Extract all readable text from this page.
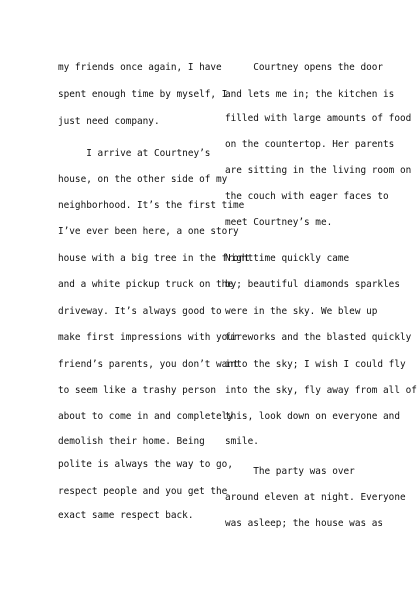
my friends once again, I have
spent enough time by myself, I
just need company.
I arrive at Courtney’s
house, on the other side of my
neighborhood. It’s the first time
I’ve ever been here, a one story
house with a big tree in the front
and a white pickup truck on the
driveway. It’s always good to
make first impressions with your
friend’s parents, you don’t want
to seem like a trashy person
about to come in and completely
demolish their home. Being
polite is always the way to go,
respect people and you get the
exact same respect back.
Courtney opens the door
and lets me in; the kitchen is
filled with large amounts of food
on the countertop. Her parents
are sitting in the living room on
the couch with eager faces to
meet Courtney’s me.
Nighttime quickly came
by; beautiful diamonds sparkles
were in the sky. We blew up
fireworks and the blasted quickly
into the sky; I wish I could fly
into the sky, fly away from all of
this, look down on everyone and
smile.
The party was over
around eleven at night. Everyone
was asleep; the house was as
